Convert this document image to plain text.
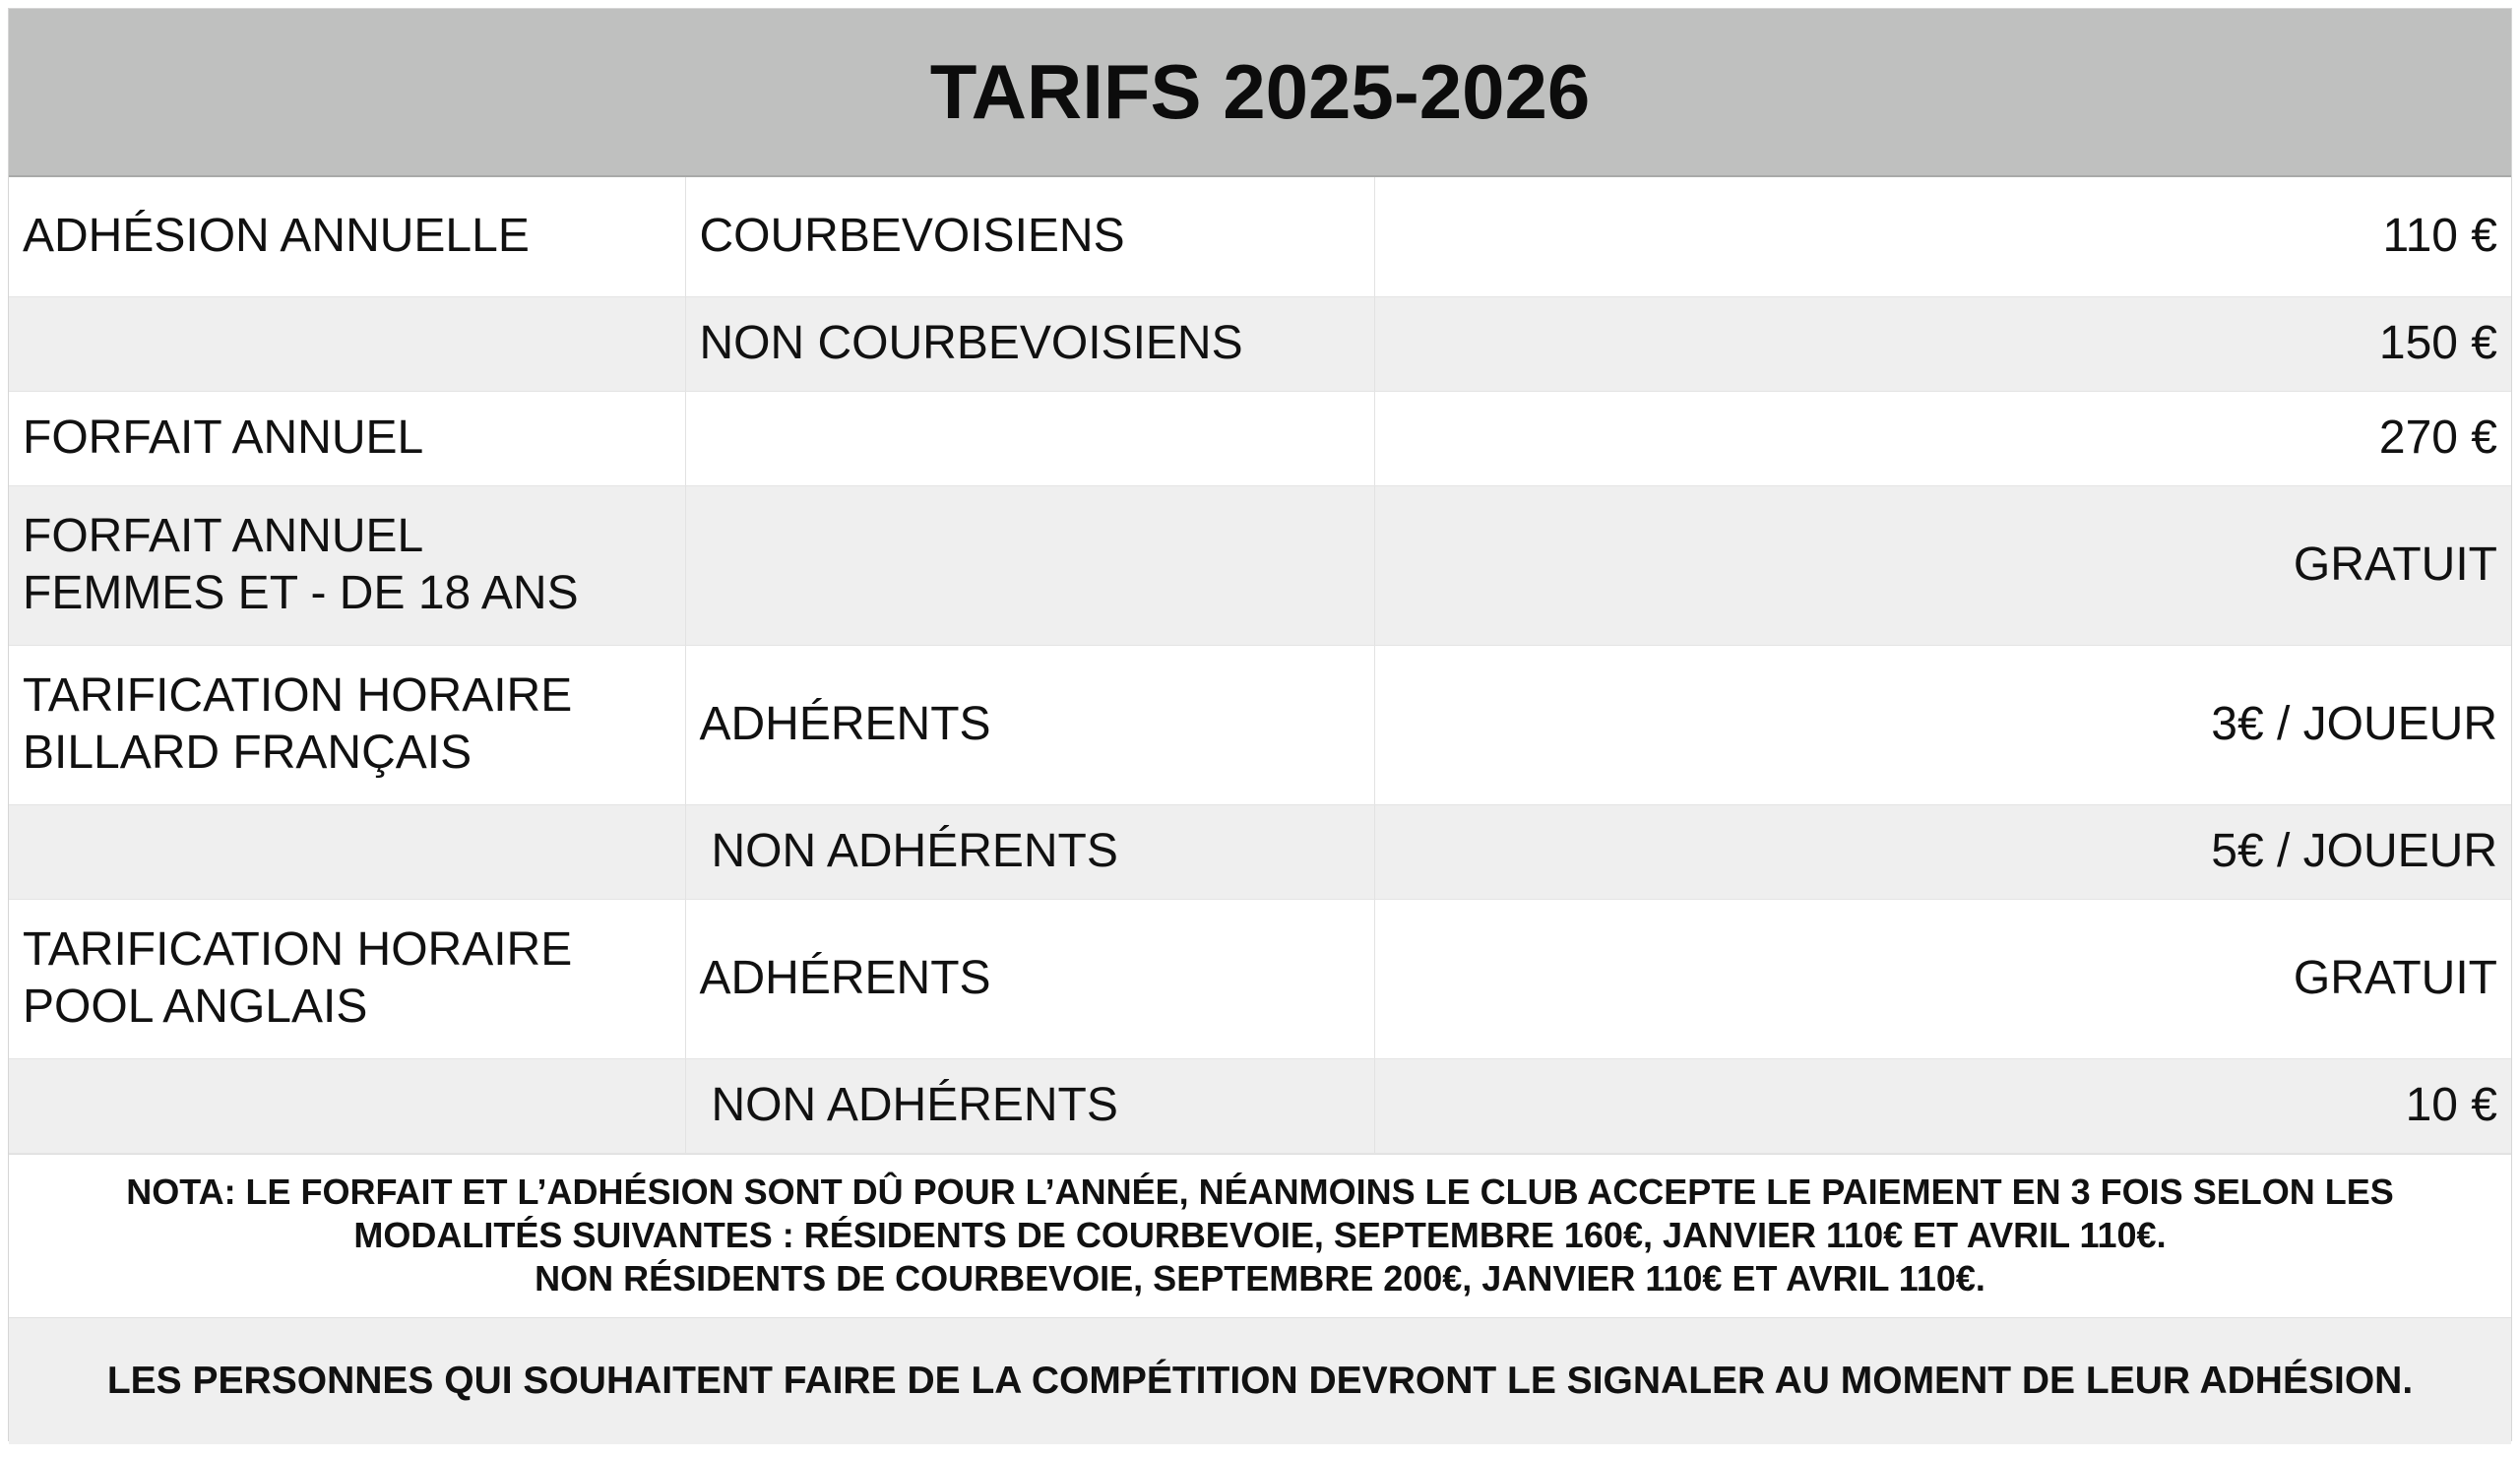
TARIFS 2025-2026
ADHÉSION ANNUELLE	COURBEVOISIENS	110 €
	NON COURBEVOISIENS	150 €
FORFAIT ANNUEL		270 €
FORFAIT ANNUEL
FEMMES ET - DE 18 ANS		GRATUIT
TARIFICATION HORAIRE
BILLARD FRANÇAIS	ADHÉRENTS	3€ / JOUEUR
	NON ADHÉRENTS	5€ / JOUEUR
TARIFICATION HORAIRE
POOL ANGLAIS	ADHÉRENTS	GRATUIT
	NON ADHÉRENTS	10 €
NOTA: LE FORFAIT ET L’ADHÉSION SONT DÛ POUR L’ANNÉE, NÉANMOINS LE CLUB ACCEPTE LE PAIEMENT EN 3 FOIS SELON LES
MODALITÉS SUIVANTES : RÉSIDENTS DE COURBEVOIE, SEPTEMBRE 160€, JANVIER 110€ ET AVRIL 110€.
NON RÉSIDENTS DE COURBEVOIE, SEPTEMBRE 200€, JANVIER 110€ ET AVRIL 110€.
LES PERSONNES QUI SOUHAITENT FAIRE DE LA COMPÉTITION DEVRONT LE SIGNALER AU MOMENT DE LEUR ADHÉSION.
